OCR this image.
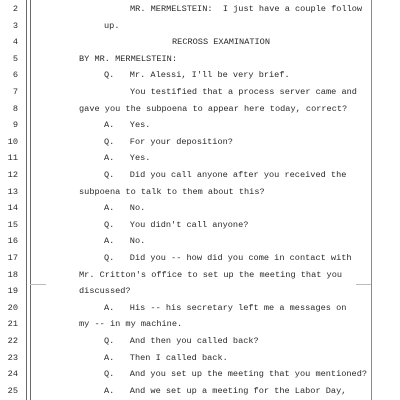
2	MR. MERMELSTEIN:  I just have a couple follow
3	up.
4	RECROSS EXAMINATION
5	BY MR. MERMELSTEIN:
6	Q.   Mr. Alessi, I'll be very brief.
7	You testified that a process server came and
8	gave you the subpoena to appear here today, correct?
9	A.   Yes.
10	Q.   For your deposition?
11	A.   Yes.
12	Q.   Did you call anyone after you received the
13	subpoena to talk to them about this?
14	A.   No.
15	Q.   You didn't call anyone?
16	A.   No.
17	Q.   Did you -- how did you come in contact with
18	Mr. Critton's office to set up the meeting that you
19	discussed?
20	A.   His -- his secretary left me a messages on
21	my -- in my machine.
22	Q.   And then you called back?
23	A.   Then I called back.
24	Q.   And you set up the meeting that you mentioned?
25	A.   And we set up a meeting for the Labor Day,
